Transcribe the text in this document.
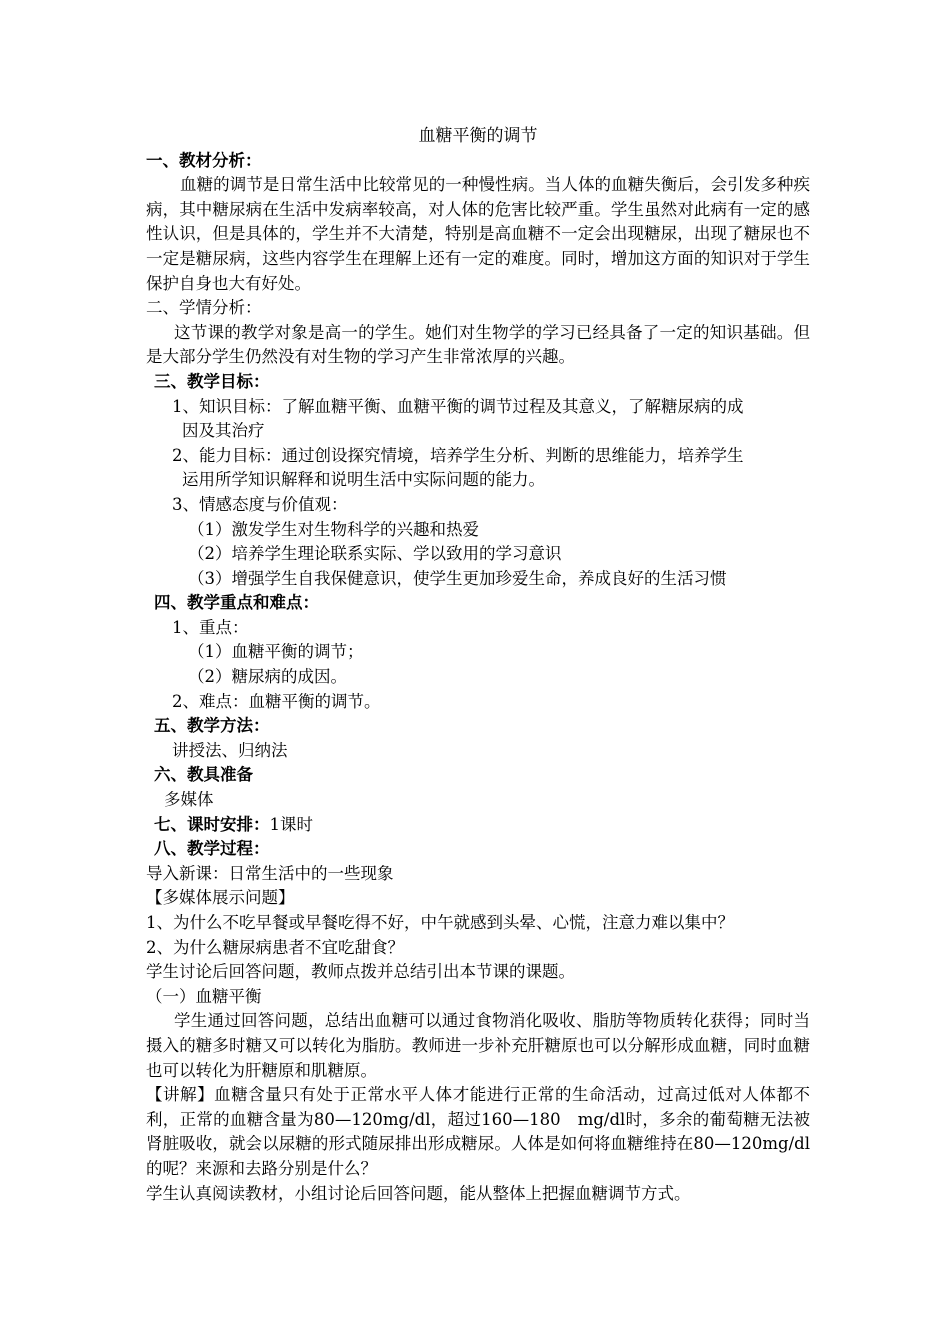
血糖平衡的调节
一、教材分析：
血糖的调节是日常生活中比较常见的一种慢性病。当人体的血糖失衡后，会引发多种疾病，其中糖尿病在生活中发病率较高，对人体的危害比较严重。学生虽然对此病有一定的感性认识，但是具体的，学生并不大清楚，特别是高血糖不一定会出现糖尿，出现了糖尿也不一定是糖尿病，这些内容学生在理解上还有一定的难度。同时，增加这方面的知识对于学生保护自身也大有好处。
二、学情分析：
这节课的教学对象是高一的学生。她们对生物学的学习已经具备了一定的知识基础。但是大部分学生仍然没有对生物的学习产生非常浓厚的兴趣。
三、教学目标：
1、知识目标：了解血糖平衡、血糖平衡的调节过程及其意义，了解糖尿病的成
因及其治疗
2、能力目标：通过创设探究情境，培养学生分析、判断的思维能力，培养学生
运用所学知识解释和说明生活中实际问题的能力。
3、情感态度与价值观：
（1）激发学生对生物科学的兴趣和热爱
（2）培养学生理论联系实际、学以致用的学习意识
（3）增强学生自我保健意识，使学生更加珍爱生命，养成良好的生活习惯
四、教学重点和难点：
1、重点：
（1）血糖平衡的调节；
（2）糖尿病的成因。
2、难点：血糖平衡的调节。
五、教学方法：
讲授法、归纳法
六、教具准备
多媒体
七、课时安排：1课时
八、教学过程：
导入新课：日常生活中的一些现象
【多媒体展示问题】
1、为什么不吃早餐或早餐吃得不好，中午就感到头晕、心慌，注意力难以集中？
2、为什么糖尿病患者不宜吃甜食？
学生讨论后回答问题，教师点拨并总结引出本节课的课题。
（一）血糖平衡
学生通过回答问题，总结出血糖可以通过食物消化吸收、脂肪等物质转化获得；同时当摄入的糖多时糖又可以转化为脂肪。教师进一步补充肝糖原也可以分解形成血糖，同时血糖也可以转化为肝糖原和肌糖原。
【讲解】血糖含量只有处于正常水平人体才能进行正常的生命活动，过高过低对人体都不利，正常的血糖含量为80—120mg/dl，超过160—180　mg/dl时，多余的葡萄糖无法被肾脏吸收，就会以尿糖的形式随尿排出形成糖尿。人体是如何将血糖维持在80—120mg/dl的呢？来源和去路分别是什么？
学生认真阅读教材，小组讨论后回答问题，能从整体上把握血糖调节方式。
